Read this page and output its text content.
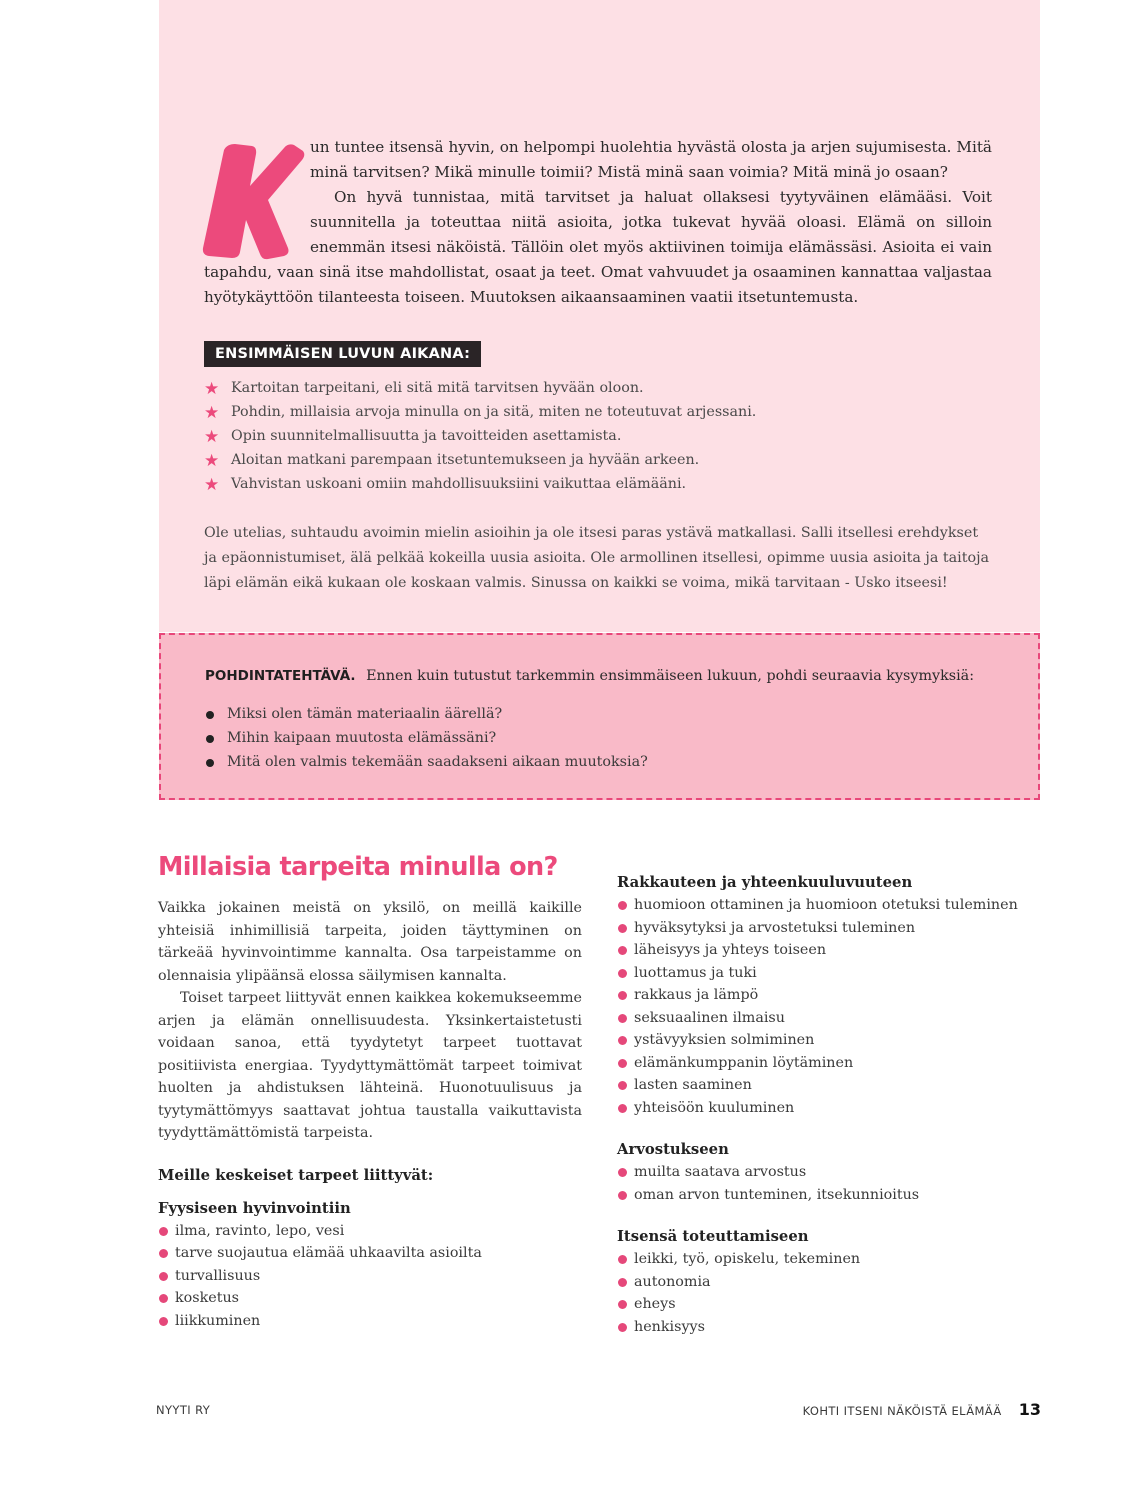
un tuntee itsensä hyvin, on helpompi huolehtia hyvästä olosta ja arjen sujumisesta. Mitä minä tarvitsen? Mikä minulle toimii? Mistä minä saan voimia? Mitä minä jo osaan?

On hyvä tunnistaa, mitä tarvitset ja haluat ollaksesi tyytyväinen elämääsi. Voit suunnitella ja toteuttaa niitä asioita, jotka tukevat hyvää oloasi. Elämä on silloin enemmän itsesi näköistä. Tällöin olet myös aktiivinen toimija elämässäsi. Asioita ei vain tapahdu, vaan sinä itse mahdollistat, osaat ja teet. Omat vahvuudet ja osaaminen kannattaa valjastaa hyötykäyttöön tilanteesta toiseen. Muutoksen aikaansaaminen vaatii itsetuntemusta.

ENSIMMÄISEN LUVUN AIKANA:
★ Kartoitan tarpeitani, eli sitä mitä tarvitsen hyvään oloon.
★ Pohdin, millaisia arvoja minulla on ja sitä, miten ne toteutuvat arjessani.
★ Opin suunnitelmallisuutta ja tavoitteiden asettamista.
★ Aloitan matkani parempaan itsetuntemukseen ja hyvään arkeen.
★ Vahvistan uskoani omiin mahdollisuuksiini vaikuttaa elämääni.

Ole utelias, suhtaudu avoimin mielin asioihin ja ole itsesi paras ystävä matkallasi. Salli itsellesi erehdykset ja epäonnistumiset, älä pelkää kokeilla uusia asioita. Ole armollinen itsellesi, opimme uusia asioita ja taitoja läpi elämän eikä kukaan ole koskaan valmis. Sinussa on kaikki se voima, mikä tarvitaan - Usko itseesi!

POHDINTATEHTÄVÄ. Ennen kuin tutustut tarkemmin ensimmäiseen lukuun, pohdi seuraavia kysymyksiä:
Miksi olen tämän materiaalin äärellä?
Mihin kaipaan muutosta elämässäni?
Mitä olen valmis tekemään saadakseni aikaan muutoksia?
Millaisia tarpeita minulla on?

Vaikka jokainen meistä on yksilö, on meillä kaikille yhteisiä inhimillisiä tarpeita, joiden täyttyminen on tärkeää hyvinvointimme kannalta. Osa tarpeistamme on olennaisia ylipäänsä elossa säilymisen kannalta.

Toiset tarpeet liittyvät ennen kaikkea kokemukseemme arjen ja elämän onnellisuudesta. Yksinkertaistetusti voidaan sanoa, että tyydytetyt tarpeet tuottavat positiivista energiaa. Tyydyttymättömät tarpeet toimivat huolten ja ahdistuksen lähteinä. Huonotuulisuus ja tyytymättömyys saattavat johtua taustalla vaikuttavista tyydyttämättömistä tarpeista.

Meille keskeiset tarpeet liittyvät:

Fyysiseen hyvinvointiin

ilma, ravinto, lepo, vesi
tarve suojautua elämää uhkaavilta asioilta
turvallisuus
kosketus
liikkuminen

Rakkauteen ja yhteenkuuluvuuteen

huomioon ottaminen ja huomioon otetuksi tuleminen
hyväksytyksi ja arvostetuksi tuleminen
läheisyys ja yhteys toiseen
luottamus ja tuki
rakkaus ja lämpö
seksuaalinen ilmaisu
ystävyyksien solmiminen
elämänkumppanin löytäminen
lasten saaminen
yhteisöön kuuluminen

Arvostukseen

muilta saatava arvostus
oman arvon tunteminen, itsekunnioitus

Itsensä toteuttamiseen

leikki, työ, opiskelu, tekeminen
autonomia
eheys
henkisyys
NYYTI RY	KOHTI ITSENI NÄKÖISTÄ ELÄMÄÄ 13
